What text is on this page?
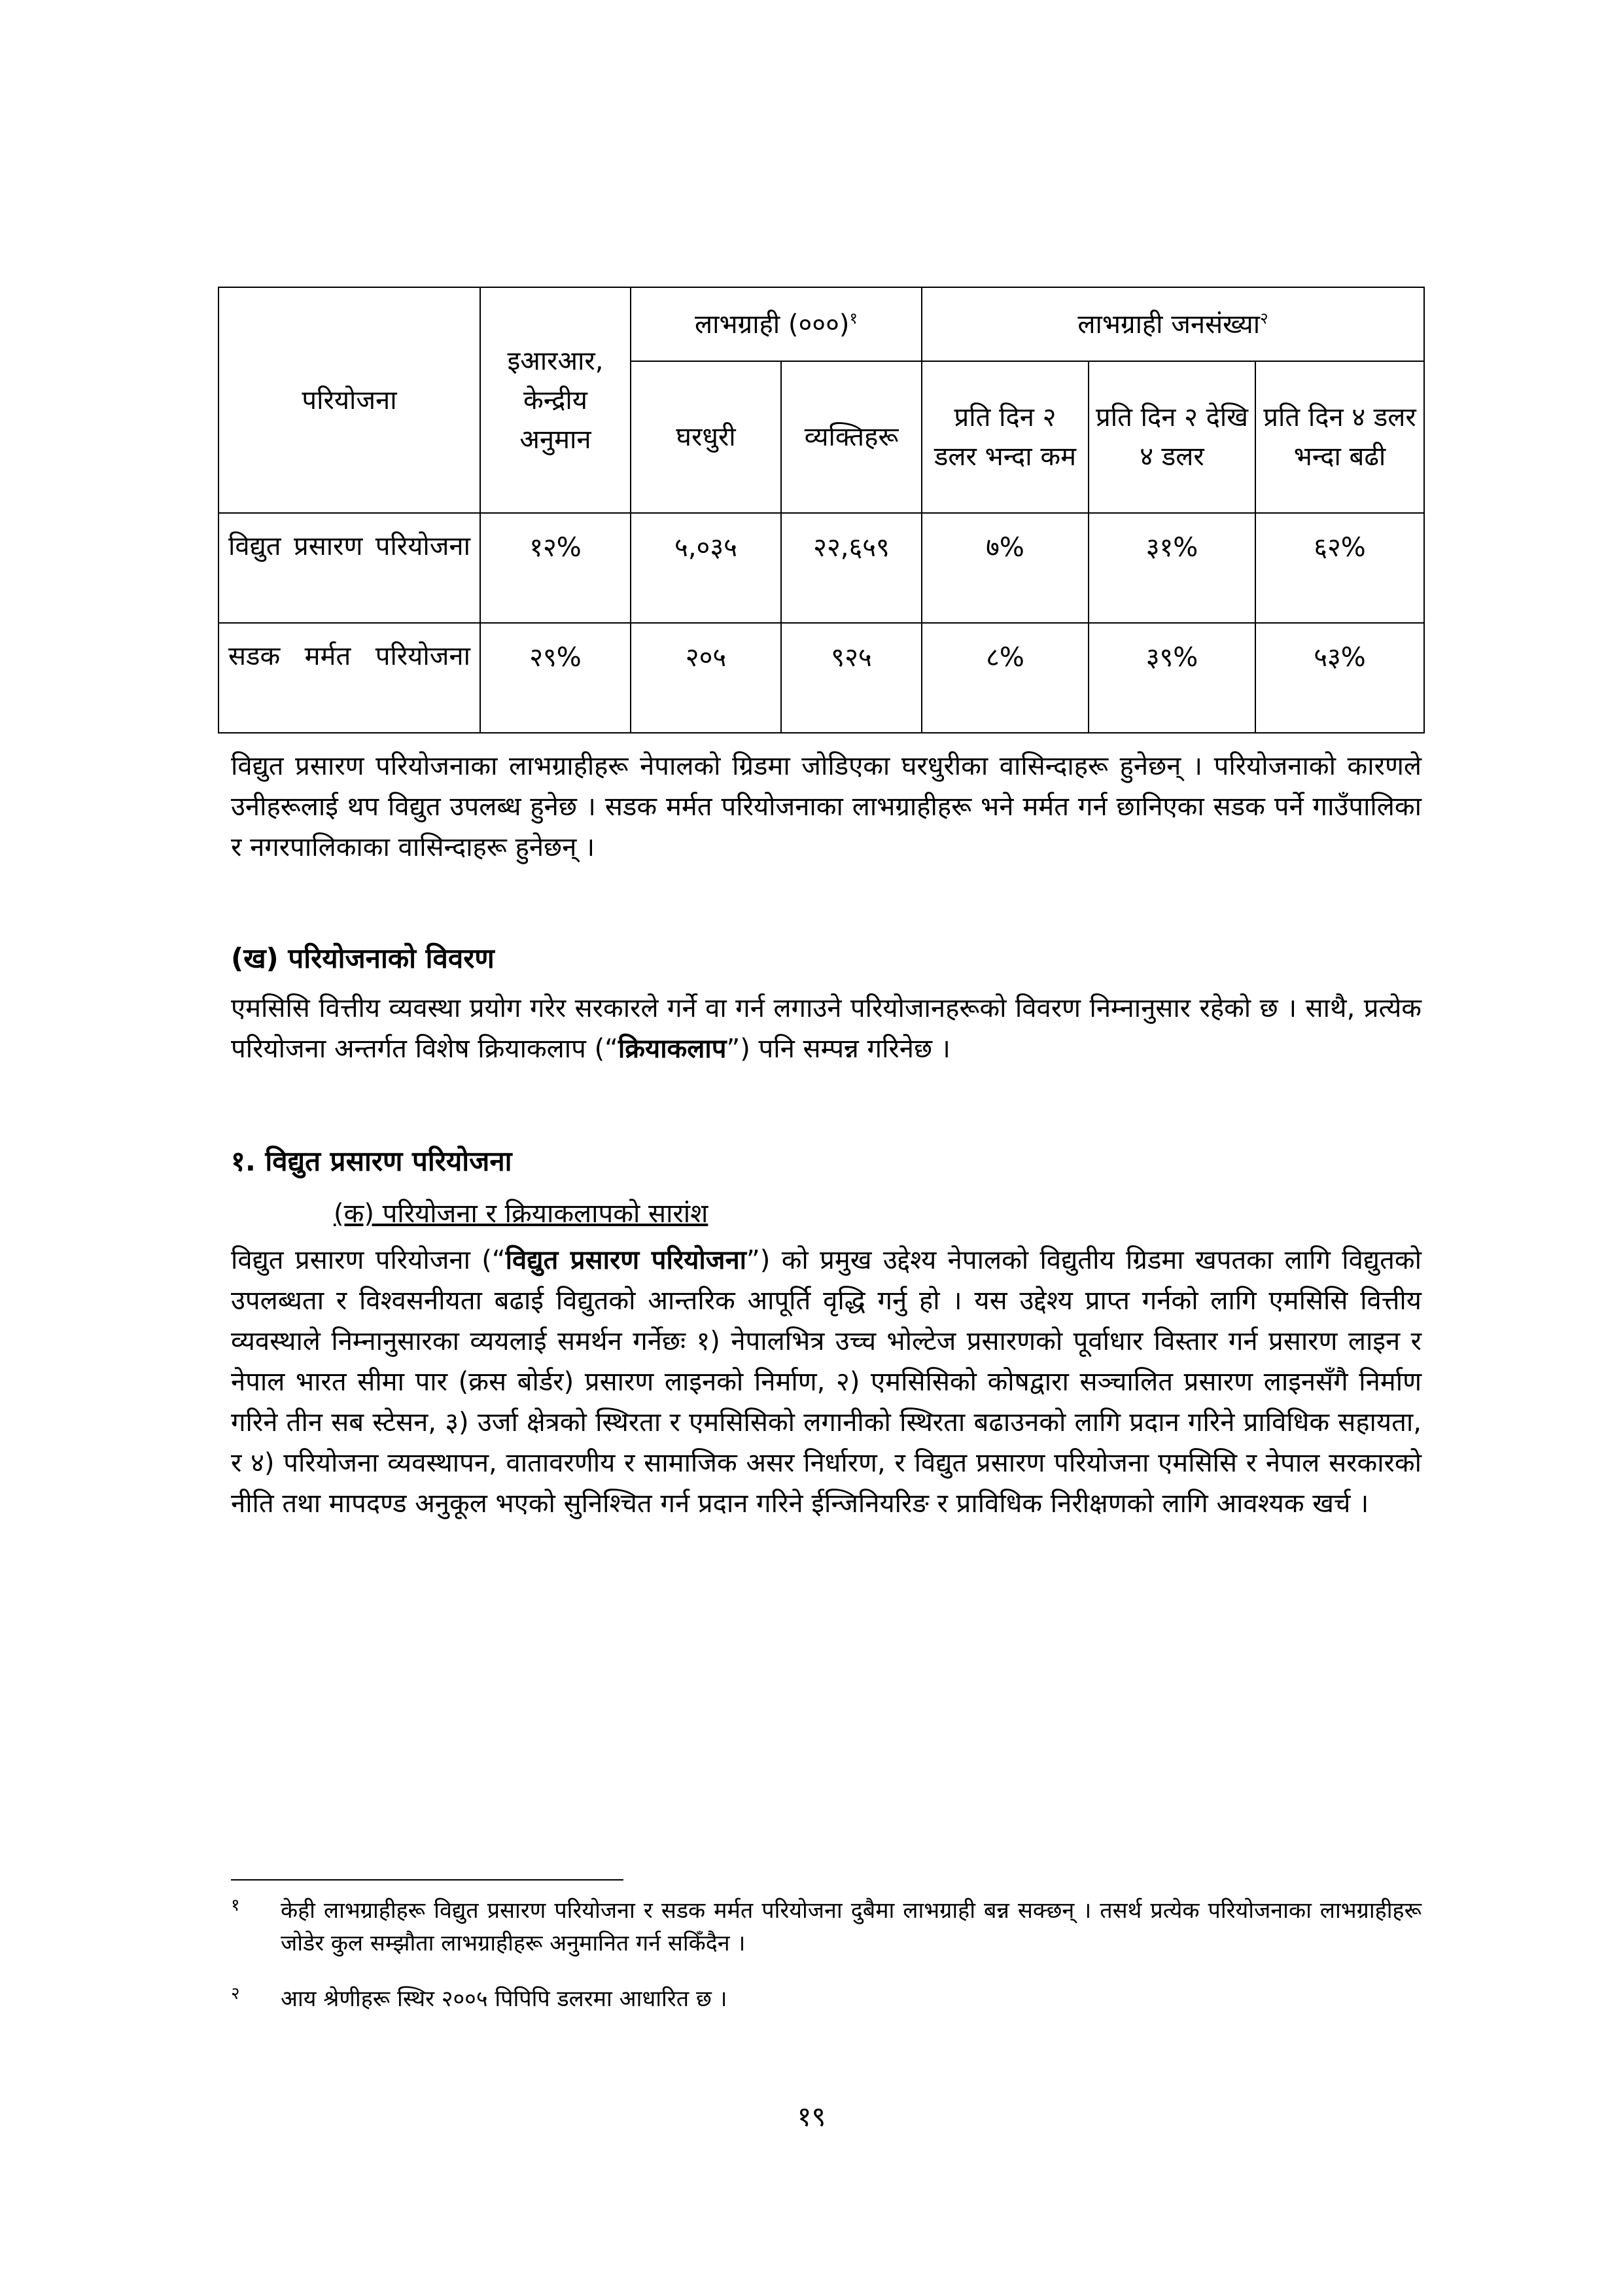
परियोजना	इआरआर, केन्द्रीय अनुमान	लाभग्राही (०००)$^१$		लाभग्राही जनसंख्या$^२$
		घरधुरी	व्यक्तिहरू	प्रति दिन २ डलर भन्दा कम	प्रति दिन २ देखि ४ डलर	प्रति दिन ४ डलर भन्दा बढी
विद्युत प्रसारण परियोजना	१२%	५,०३५	२२,६५९	७%	३१%	६२%
सडक मर्मत परियोजना	२९%	२०५	९२५	८%	३९%	५३%

विद्युत प्रसारण परियोजनाका लाभग्राहीहरू नेपालको ग्रिडमा जोडिएका घरधुरीका वासिन्दाहरू हुनेछन् । परियोजनाको कारणले उनीहरूलाई थप विद्युत उपलब्ध हुनेछ । सडक मर्मत परियोजनाका लाभग्राहीहरू भने मर्मत गर्न छानिएका सडक पर्ने गाउँपालिका र नगरपालिकाका वासिन्दाहरू हुनेछन् ।

(ख) परियोजनाको विवरण

एमसिसि वित्तीय व्यवस्था प्रयोग गरेर सरकारले गर्ने वा गर्न लगाउने परियोजानहरूको विवरण निम्नानुसार रहेको छ । साथै, प्रत्येक परियोजना अन्तर्गत विशेष क्रियाकलाप (“क्रियाकलाप”) पनि सम्पन्न गरिनेछ ।

१. विद्युत प्रसारण परियोजना

(क) परियोजना र क्रियाकलापको सारांश

विद्युत प्रसारण परियोजना (“विद्युत प्रसारण परियोजना”) को प्रमुख उद्देश्य नेपालको विद्युतीय ग्रिडमा खपतका लागि विद्युतको उपलब्धता र विश्वसनीयता बढाई विद्युतको आन्तरिक आपूर्ति वृद्धि गर्नु हो । यस उद्देश्य प्राप्त गर्नको लागि एमसिसि वित्तीय व्यवस्थाले निम्नानुसारका व्ययलाई समर्थन गर्नेछः १) नेपालभित्र उच्च भोल्टेज प्रसारणको पूर्वाधार विस्तार गर्न प्रसारण लाइन र नेपाल भारत सीमा पार (क्रस बोर्डर) प्रसारण लाइनको निर्माण, २) एमसिसिको कोषद्वारा सञ्चालित प्रसारण लाइनसँगै निर्माण गरिने तीन सब स्टेसन, ३) उर्जा क्षेत्रको स्थिरता र एमसिसिको लगानीको स्थिरता बढाउनको लागि प्रदान गरिने प्राविधिक सहायता, र ४) परियोजना व्यवस्थापन, वातावरणीय र सामाजिक असर निर्धारण, र विद्युत प्रसारण परियोजना एमसिसि र नेपाल सरकारको नीति तथा मापदण्ड अनुकूल भएको सुनिश्चित गर्न प्रदान गरिने ईन्जिनियरिङ र प्राविधिक निरीक्षणको लागि आवश्यक खर्च ।

१ केही लाभग्राहीहरू विद्युत प्रसारण परियोजना र सडक मर्मत परियोजना दुबैमा लाभग्राही बन्न सक्छन् । तसर्थ प्रत्येक परियोजनाका लाभग्राहीहरू जोडेर कुल सम्झौता लाभग्राहीहरू अनुमानित गर्न सकिँदैन ।
२ आय श्रेणीहरू स्थिर २००५ पिपिपि डलरमा आधारित छ ।
१९
